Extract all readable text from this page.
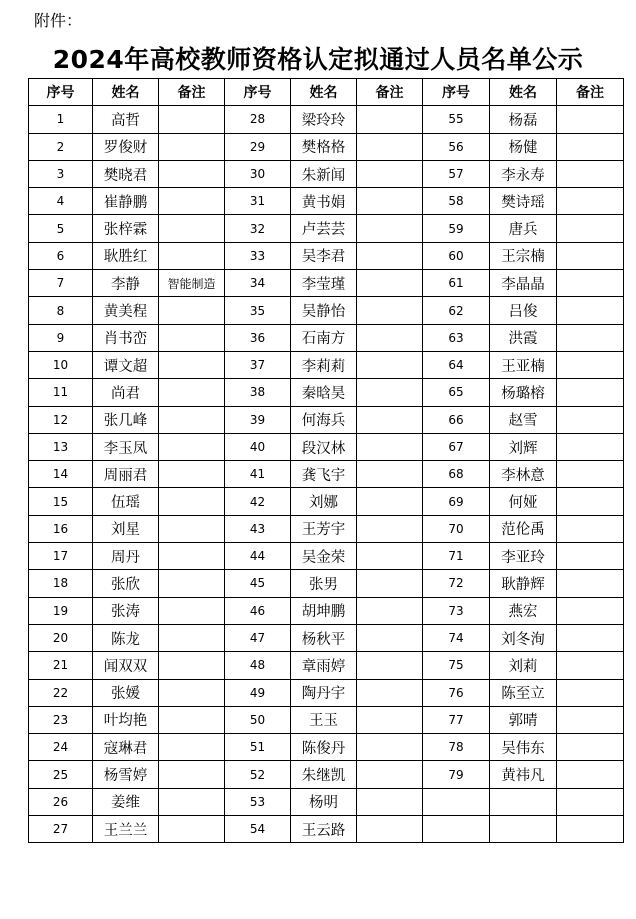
附件：
2024年高校教师资格认定拟通过人员名单公示
序号	姓名	备注	序号	姓名	备注	序号	姓名	备注
1	高哲		28	梁玲玲		55	杨磊	
2	罗俊财		29	樊格格		56	杨健	
3	樊晓君		30	朱新闻		57	李永寿	
4	崔静鹏		31	黄书娟		58	樊诗瑶	
5	张梓霖		32	卢芸芸		59	唐兵	
6	耿胜红		33	吴李君		60	王宗楠	
7	李静	智能制造	34	李莹瑾		61	李晶晶	
8	黄美程		35	吴静怡		62	吕俊	
9	肖书峦		36	石南方		63	洪霞	
10	谭文超		37	李莉莉		64	王亚楠	
11	尚君		38	秦晗昊		65	杨璐榕	
12	张几峰		39	何海兵		66	赵雪	
13	李玉凤		40	段汉林		67	刘辉	
14	周丽君		41	龚飞宇		68	李林意	
15	伍瑶		42	刘娜		69	何娅	
16	刘星		43	王芳宇		70	范伦禹	
17	周丹		44	吴金荣		71	李亚玲	
18	张欣		45	张男		72	耿静辉	
19	张涛		46	胡坤鹏		73	燕宏	
20	陈龙		47	杨秋平		74	刘冬洵	
21	闻双双		48	章雨婷		75	刘莉	
22	张媛		49	陶丹宇		76	陈至立	
23	叶均艳		50	王玉		77	郭晴	
24	寇琳君		51	陈俊丹		78	吴伟东	
25	杨雪婷		52	朱继凯		79	黄祎凡	
26	姜维		53	杨明				
27	王兰兰		54	王云路				
